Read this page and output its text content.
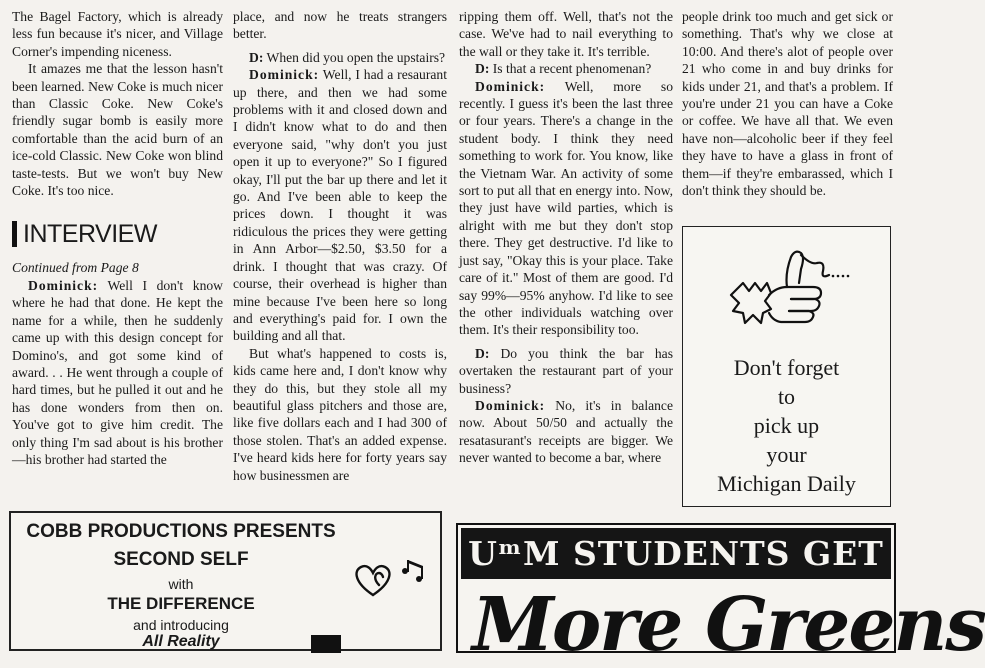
The Bagel Factory, which is already less fun because it's nicer, and Village Corner's impending niceness.

It amazes me that the lesson hasn't been learned. New Coke is much nicer than Classic Coke. New Coke's friendly sugar bomb is easily more comfortable than the acid burn of an ice-cold Classic. New Coke won blind taste-tests. But we won't buy New Coke. It's too nice.

INTERVIEW

Continued from Page 8

Dominick: Well I don't know where he had that done. He kept the name for a while, then he suddenly came up with this design concept for Domino's, and got some kind of award. . . He went through a couple of hard times, but he pulled it out and he has done wonders from then on. You've got to give him credit. The only thing I'm sad about is his brother—his brother had started the

place, and now he treats strangers better.

D: When did you open the upstairs?

Dominick: Well, I had a resaurant up there, and then we had some problems with it and closed down and I didn't know what to do and then everyone said, "why don't you just open it up to everyone?" So I figured okay, I'll put the bar up there and let it go. And I've been able to keep the prices down. I thought it was ridiculous the prices they were getting in Ann Arbor—$2.50, $3.50 for a drink. I thought that was crazy. Of course, their overhead is higher than mine because I've been here so long and everything's paid for. I own the building and all that.

But what's happened to costs is, kids came here and, I don't know why they do this, but they stole all my beautiful glass pitchers and those are, like five dollars each and I had 300 of those stolen. That's an added expense. I've heard kids here for forty years say how businessmen are

ripping them off. Well, that's not the case. We've had to nail everything to the wall or they take it. It's terrible.

D: Is that a recent phenomenan?

Dominick: Well, more so recently. I guess it's been the last three or four years. There's a change in the student body. I think they need something to work for. You know, like the Vietnam War. An activity of some sort to put all that en energy into. Now, they just have wild parties, which is alright with me but they don't stop there. They get destructive. I'd like to just say, "Okay this is your place. Take care of it." Most of them are good. I'd say 99%—95% anyhow. I'd like to see the other individuals watching over them. It's their responsibility too.

D: Do you think the bar has overtaken the restaurant part of your business?

Dominick: No, it's in balance now. About 50/50 and actually the resatasurant's receipts are bigger. We never wanted to become a bar, where

people drink too much and get sick or something. That's why we close at 10:00. And there's alot of people over 21 who come in and buy drinks for kids under 21, and that's a problem. If you're under 21 you can have a Coke or coffee. We have all that. We even have non—alcoholic beer if they feel they have to have a glass in front of them—if they're embarassed, which I don't think they should be.

Don't forget
to
pick up
your
Michigan Daily
COBB PRODUCTIONS PRESENTS
SECOND SELF
with
THE DIFFERENCE
and introducing
All Reality
UᵐM STUDENTS GET
More Greens
